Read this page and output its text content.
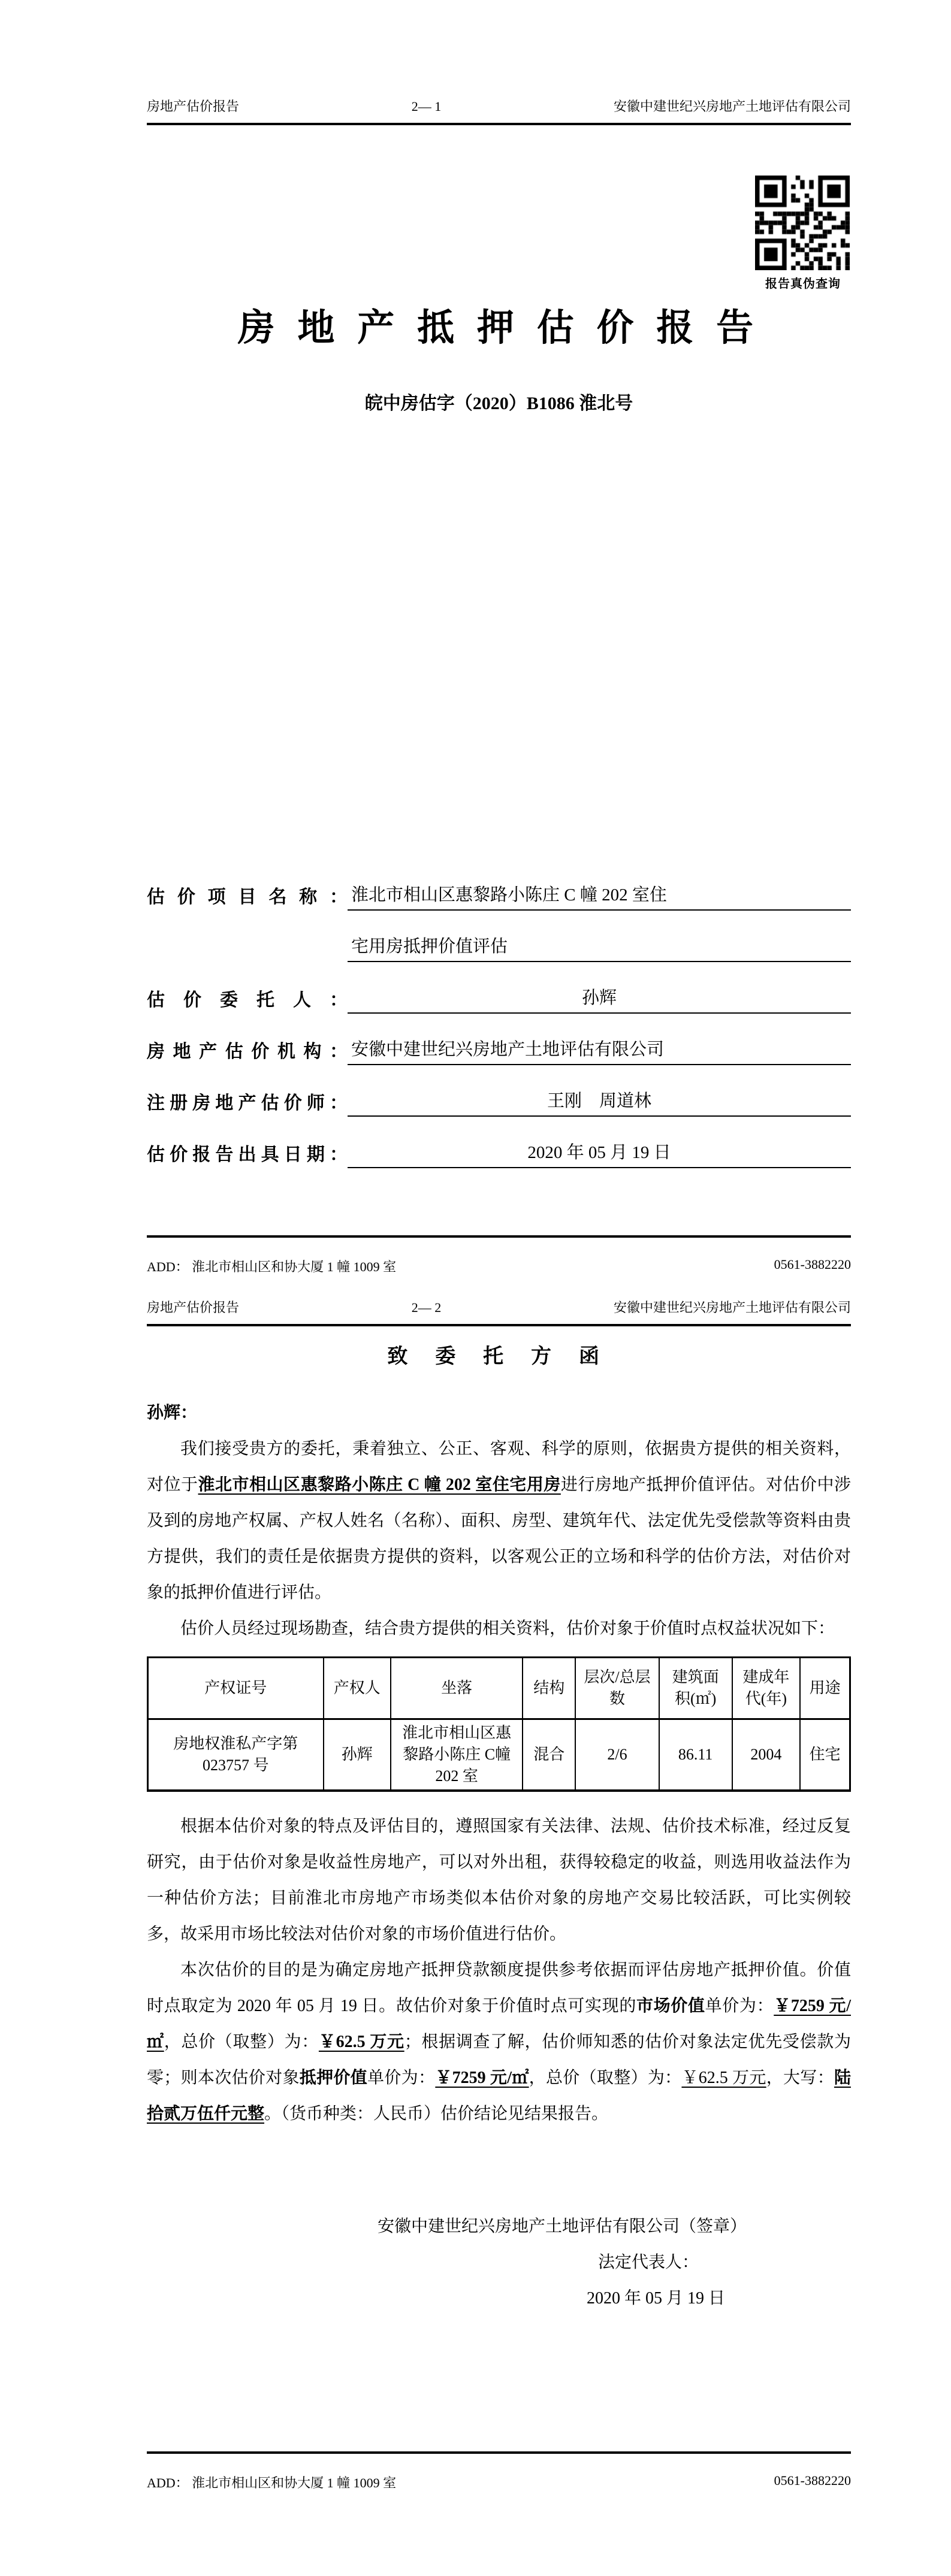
房地产估价报告	2— 1	安徽中建世纪兴房地产土地评估有限公司
房 地 产 抵 押 估 价 报 告
皖中房估字（2020）B1086 淮北号
估价项目名称： 淮北市相山区惠黎路小陈庄 C 幢 202 室住
宅用房抵押价值评估
估价委托人：	孙辉
房地产估价机构： 安徽中建世纪兴房地产土地评估有限公司
注册房地产估价师：	王刚　周道林
估价报告出具日期：	2020 年 05 月 19 日
报告真伪查询
ADD： 淮北市相山区和协大厦 1 幢 1009 室	0561-3882220
房地产估价报告	2— 2	安徽中建世纪兴房地产土地评估有限公司
致 委 托 方 函
孙辉：

我们接受贵方的委托，秉着独立、公正、客观、科学的原则，依据贵方提供的相关资料，对位于淮北市相山区惠黎路小陈庄 C 幢 202 室住宅用房进行房地产抵押价值评估。对估价中涉及到的房地产权属、产权人姓名（名称）、面积、房型、建筑年代、法定优先受偿款等资料由贵方提供，我们的责任是依据贵方提供的资料，以客观公正的立场和科学的估价方法，对估价对象的抵押价值进行评估。

估价人员经过现场勘查，结合贵方提供的相关资料，估价对象于价值时点权益状况如下：

产权证号	产权人	坐落	结构	层次/总层数	建筑面积(㎡)	建成年代(年)	用途
房地权淮私产字第023757 号	孙辉	淮北市相山区惠黎路小陈庄 C幢 202 室	混合	2/6	86.11	2004	住宅

根据本估价对象的特点及评估目的，遵照国家有关法律、法规、估价技术标准，经过反复研究，由于估价对象是收益性房地产，可以对外出租，获得较稳定的收益，则选用收益法作为一种估价方法；目前淮北市房地产市场类似本估价对象的房地产交易比较活跃，可比实例较多，故采用市场比较法对估价对象的市场价值进行估价。

本次估价的目的是为确定房地产抵押贷款额度提供参考依据而评估房地产抵押价值。价值时点取定为 2020 年 05 月 19 日。故估价对象于价值时点可实现的市场价值单价为：￥7259 元/㎡，总价（取整）为：￥62.5 万元；根据调查了解，估价师知悉的估价对象法定优先受偿款为零；则本次估价对象抵押价值单价为：￥7259 元/㎡，总价（取整）为：￥62.5 万元，大写：陆拾贰万伍仟元整。（货币种类：人民币）估价结论见结果报告。

安徽中建世纪兴房地产土地评估有限公司（签章）
法定代表人：
2020 年 05 月 19 日
ADD： 淮北市相山区和协大厦 1 幢 1009 室	0561-3882220
